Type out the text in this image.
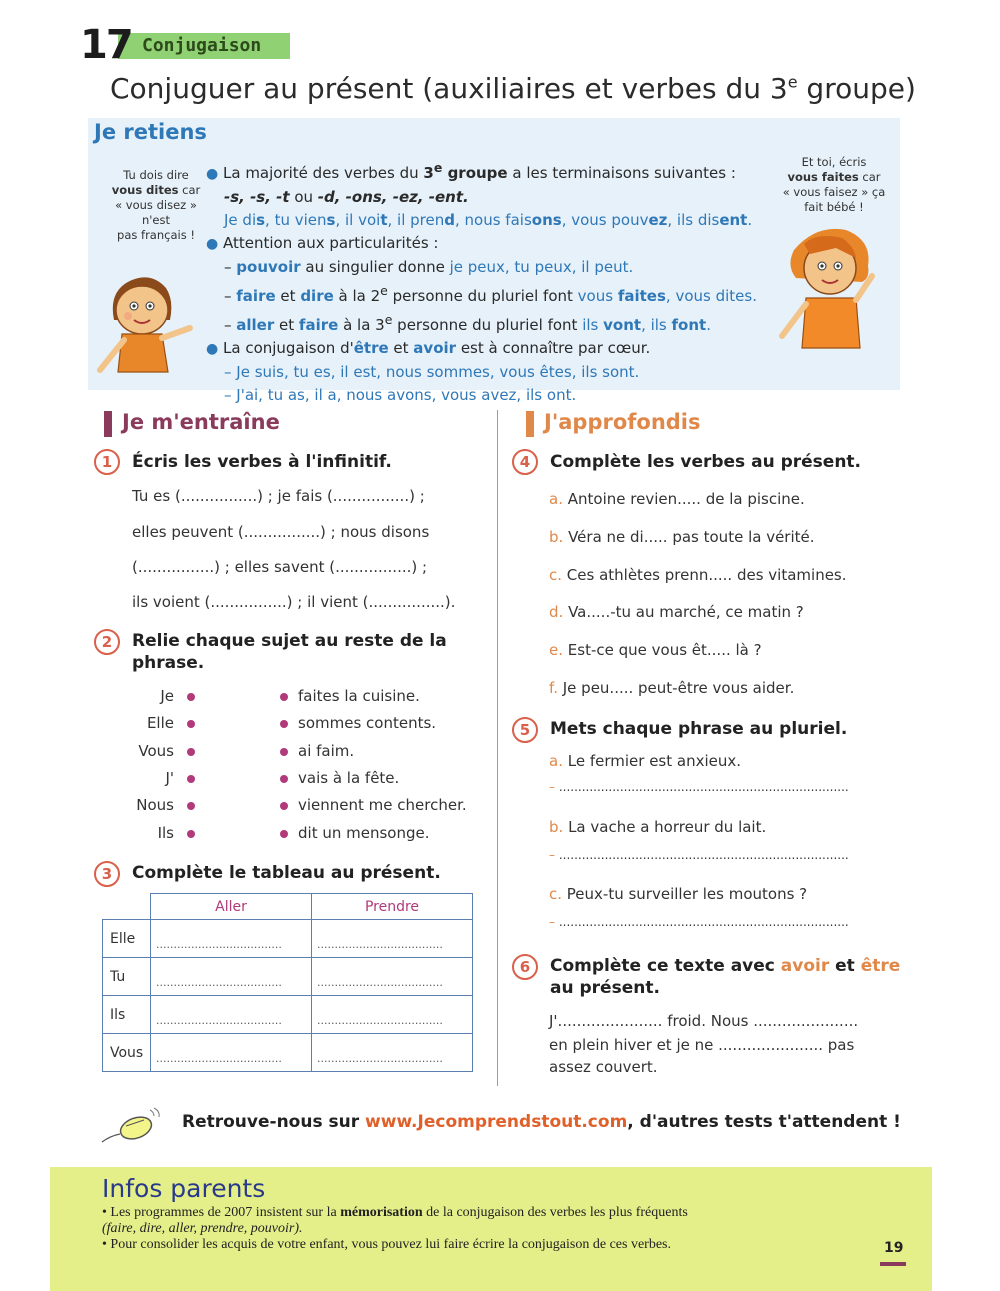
17 Conjugaison
Conjuguer au présent (auxiliaires et verbes du 3e groupe)
Je retiens
Tu dois dire
vous dites car
« vous disez » n'est
pas français !
Et toi, écris
vous faites car
« vous faisez » ça
fait bébé !
● La majorité des verbes du 3e groupe a les terminaisons suivantes :
-s, -s, -t ou -d, -ons, -ez, -ent.
Je dis, tu viens, il voit, il prend, nous faisons, vous pouvez, ils disent.
● Attention aux particularités :
– pouvoir au singulier donne je peux, tu peux, il peut.
– faire et dire à la 2e personne du pluriel font vous faites, vous dites.
– aller et faire à la 3e personne du pluriel font ils vont, ils font.
● La conjugaison d'être et avoir est à connaître par cœur.
– Je suis, tu es, il est, nous sommes, vous êtes, ils sont.
– J'ai, tu as, il a, nous avons, vous avez, ils ont.
Je m'entraîne
1	Écris les verbes à l'infinitif.
Tu es (................) ; je fais (................) ;
elles peuvent (................) ; nous disons
(................) ; elles savent (................) ;
ils voient (................) ; il vient (................).
2	Relie chaque sujet au reste de la
phrase.
Je
Elle
Vous
J'
Nous
Ils
faites la cuisine.
sommes contents.
ai faim.
vais à la fête.
viennent me chercher.
dit un mensonge.
3	Complète le tableau au présent.
	Aller	Prendre
Elle	....................................	....................................
Tu	....................................	....................................
Ils	....................................	....................................
Vous	....................................	....................................
J'approfondis
4	Complète les verbes au présent.
a. Antoine revien..... de la piscine.
b. Véra ne di..... pas toute la vérité.
c. Ces athlètes prenn..... des vitamines.
d. Va.....-tu au marché, ce matin ?
e. Est-ce que vous êt..... là ?
f. Je peu..... peut-être vous aider.
5	Mets chaque phrase au pluriel.
a. Le fermier est anxieux.
– ............................................................................
b. La vache a horreur du lait.
– ............................................................................
c. Peux-tu surveiller les moutons ?
– ............................................................................
6	Complète ce texte avec avoir et être
au présent.
J'...................... froid. Nous ......................
en plein hiver et je ne ...................... pas
assez couvert.
Retrouve-nous sur www.Jecomprendstout.com, d'autres tests t'attendent !
Infos parents
• Les programmes de 2007 insistent sur la mémorisation de la conjugaison des verbes les plus fréquents
(faire, dire, aller, prendre, pouvoir).
• Pour consolider les acquis de votre enfant, vous pouvez lui faire écrire la conjugaison de ces verbes.	19
